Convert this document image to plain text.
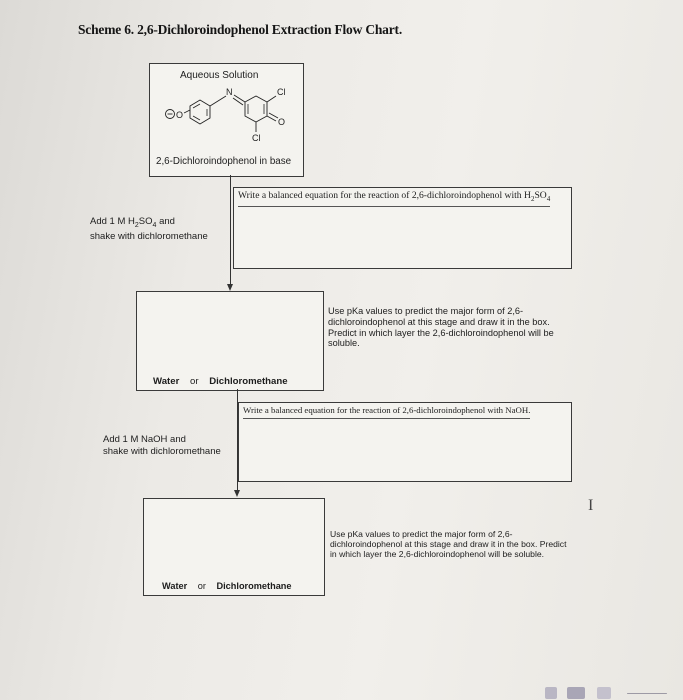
Scheme 6. 2,6-Dichloroindophenol Extraction Flow Chart.
Aqueous Solution
O
N	Cl
O
Cl
2,6-Dichloroindophenol in base
Add 1 M $H_2SO_4$ and
shake with dichloromethane
Write a balanced equation for the reaction of 2,6-dichloroindophenol with $H_2SO_4$
Water or Dichloromethane
Use pKa values to predict the major form of 2,6-dichloroindophenol at this stage and draw it in the box. Predict in which layer the 2,6-dichloroindophenol will be soluble.
Add 1 M NaOH and
shake with dichloromethane
Write a balanced equation for the reaction of 2,6-dichloroindophenol with NaOH.
Water or Dichloromethane
Use pKa values to predict the major form of 2,6-dichloroindophenol at this stage and draw it in the box. Predict in which layer the 2,6-dichloroindophenol will be soluble.
I
